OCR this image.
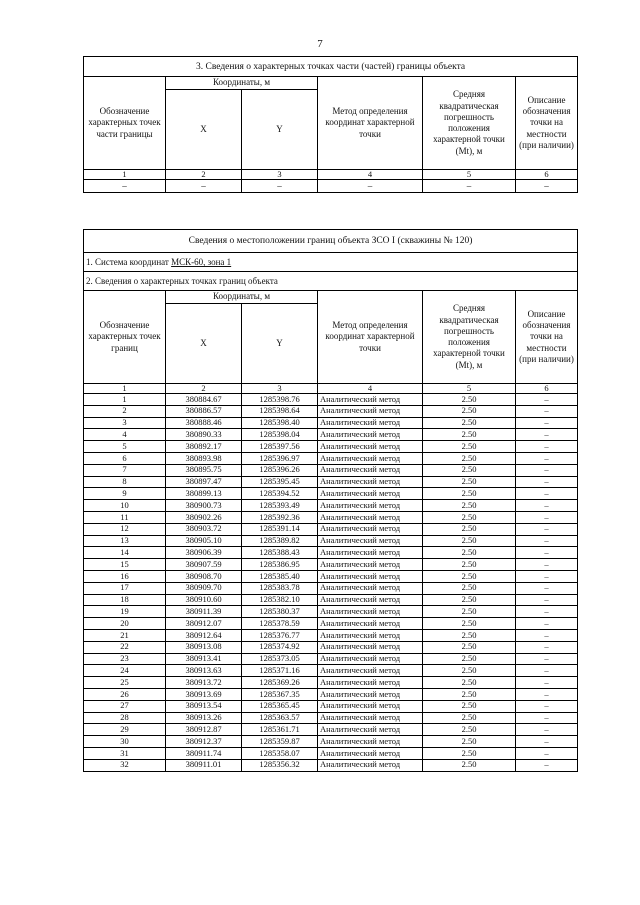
7
3. Сведения о характерных точках части (частей) границы объекта					
Обозначение характерных точек части границы	Координаты, м		Метод определения координат характерной точки	Средняя квадратическая погрешность положения характерной точки (Mt), м	Описание обозначения точки на местности (при наличии)
	X	Y			
1	2	3	4	5	6
–	–	–	–	–	–
Сведения о местоположении границ объекта ЗСО I (скважины № 120)					
1. Система координат МСК-60, зона 1					
2. Сведения о характерных точках границ объекта					
Обозначение характерных точек границ	Координаты, м		Метод определения координат характерной точки	Средняя квадратическая погрешность положения характерной точки (Mt), м	Описание обозначения точки на местности (при наличии)
	X	Y			
1	2	3	4	5	6
1	380884.67	1285398.76	Аналитический метод	2.50	–
2	380886.57	1285398.64	Аналитический метод	2.50	–
3	380888.46	1285398.40	Аналитический метод	2.50	–
4	380890.33	1285398.04	Аналитический метод	2.50	–
5	380892.17	1285397.56	Аналитический метод	2.50	–
6	380893.98	1285396.97	Аналитический метод	2.50	–
7	380895.75	1285396.26	Аналитический метод	2.50	–
8	380897.47	1285395.45	Аналитический метод	2.50	–
9	380899.13	1285394.52	Аналитический метод	2.50	–
10	380900.73	1285393.49	Аналитический метод	2.50	–
11	380902.26	1285392.36	Аналитический метод	2.50	–
12	380903.72	1285391.14	Аналитический метод	2.50	–
13	380905.10	1285389.82	Аналитический метод	2.50	–
14	380906.39	1285388.43	Аналитический метод	2.50	–
15	380907.59	1285386.95	Аналитический метод	2.50	–
16	380908.70	1285385.40	Аналитический метод	2.50	–
17	380909.70	1285383.78	Аналитический метод	2.50	–
18	380910.60	1285382.10	Аналитический метод	2.50	–
19	380911.39	1285380.37	Аналитический метод	2.50	–
20	380912.07	1285378.59	Аналитический метод	2.50	–
21	380912.64	1285376.77	Аналитический метод	2.50	–
22	380913.08	1285374.92	Аналитический метод	2.50	–
23	380913.41	1285373.05	Аналитический метод	2.50	–
24	380913.63	1285371.16	Аналитический метод	2.50	–
25	380913.72	1285369.26	Аналитический метод	2.50	–
26	380913.69	1285367.35	Аналитический метод	2.50	–
27	380913.54	1285365.45	Аналитический метод	2.50	–
28	380913.26	1285363.57	Аналитический метод	2.50	–
29	380912.87	1285361.71	Аналитический метод	2.50	–
30	380912.37	1285359.87	Аналитический метод	2.50	–
31	380911.74	1285358.07	Аналитический метод	2.50	–
32	380911.01	1285356.32	Аналитический метод	2.50	–
